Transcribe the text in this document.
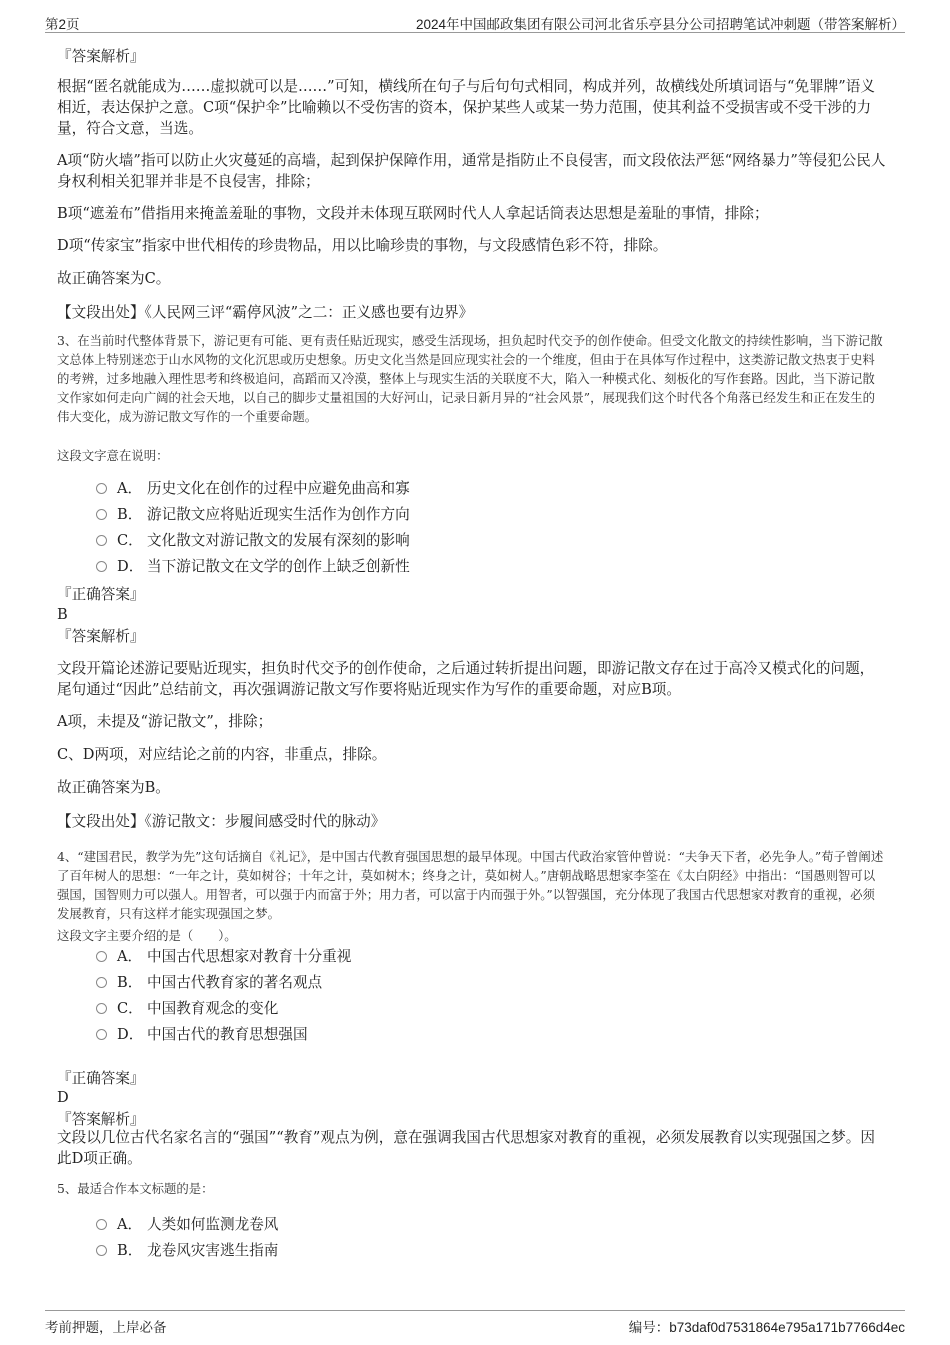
第2页	2024年中国邮政集团有限公司河北省乐亭县分公司招聘笔试冲刺题（带答案解析）
『答案解析』
根据“匿名就能成为……虚拟就可以是……”可知，横线所在句子与后句句式相同，构成并列，故横线处所填词语与“免罪牌”语义相近，表达保护之意。C项“保护伞”比喻赖以不受伤害的资本，保护某些人或某一势力范围，使其利益不受损害或不受干涉的力量，符合文意，当选。
A项“防火墙”指可以防止火灾蔓延的高墙，起到保护保障作用，通常是指防止不良侵害，而文段依法严惩“网络暴力”等侵犯公民人身权利相关犯罪并非是不良侵害，排除；
B项“遮羞布”借指用来掩盖羞耻的事物，文段并未体现互联网时代人人拿起话筒表达思想是羞耻的事情，排除；
D项“传家宝”指家中世代相传的珍贵物品，用以比喻珍贵的事物，与文段感情色彩不符，排除。
故正确答案为C。
【文段出处】《人民网三评“霸停风波”之二：正义感也要有边界》
3、在当前时代整体背景下，游记更有可能、更有责任贴近现实，感受生活现场，担负起时代交予的创作使命。但受文化散文的持续性影响，当下游记散文总体上特别迷恋于山水风物的文化沉思或历史想象。历史文化当然是回应现实社会的一个维度，但由于在具体写作过程中，这类游记散文热衷于史料的考辨，过多地融入理性思考和终极追问，高蹈而又冷漠，整体上与现实生活的关联度不大，陷入一种模式化、刻板化的写作套路。因此，当下游记散文作家如何走向广阔的社会天地，以自己的脚步丈量祖国的大好河山，记录日新月异的“社会风景”，展现我们这个时代各个角落已经发生和正在发生的伟大变化，成为游记散文写作的一个重要命题。
这段文字意在说明：
A． 历史文化在创作的过程中应避免曲高和寡
B． 游记散文应将贴近现实生活作为创作方向
C． 文化散文对游记散文的发展有深刻的影响
D． 当下游记散文在文学的创作上缺乏创新性
『正确答案』
B
『答案解析』
文段开篇论述游记要贴近现实，担负时代交予的创作使命，之后通过转折提出问题，即游记散文存在过于高冷又模式化的问题，尾句通过“因此”总结前文，再次强调游记散文写作要将贴近现实作为写作的重要命题，对应B项。
A项，未提及“游记散文”，排除；
C、D两项，对应结论之前的内容，非重点，排除。
故正确答案为B。
【文段出处】《游记散文：步履间感受时代的脉动》
4、“建国君民，教学为先”这句话摘自《礼记》，是中国古代教育强国思想的最早体现。中国古代政治家管仲曾说：“夫争天下者，必先争人。”荀子曾阐述了百年树人的思想：“一年之计，莫如树谷；十年之计，莫如树木；终身之计，莫如树人。”唐朝战略思想家李筌在《太白阴经》中指出：“国愚则智可以强国，国智则力可以强人。用智者，可以强于内而富于外；用力者，可以富于内而强于外。”以智强国，充分体现了我国古代思想家对教育的重视，必须发展教育，只有这样才能实现强国之梦。
这段文字主要介绍的是（　　）。
A． 中国古代思想家对教育十分重视
B． 中国古代教育家的著名观点
C． 中国教育观念的变化
D． 中国古代的教育思想强国
『正确答案』
D
『答案解析』
文段以几位古代名家名言的“强国”“教育”观点为例，意在强调我国古代思想家对教育的重视，必须发展教育以实现强国之梦。因此D项正确。
5、最适合作本文标题的是：
A． 人类如何监测龙卷风
B． 龙卷风灾害逃生指南
考前押题，上岸必备	编号：b73daf0d7531864e795a171b7766d4ec
